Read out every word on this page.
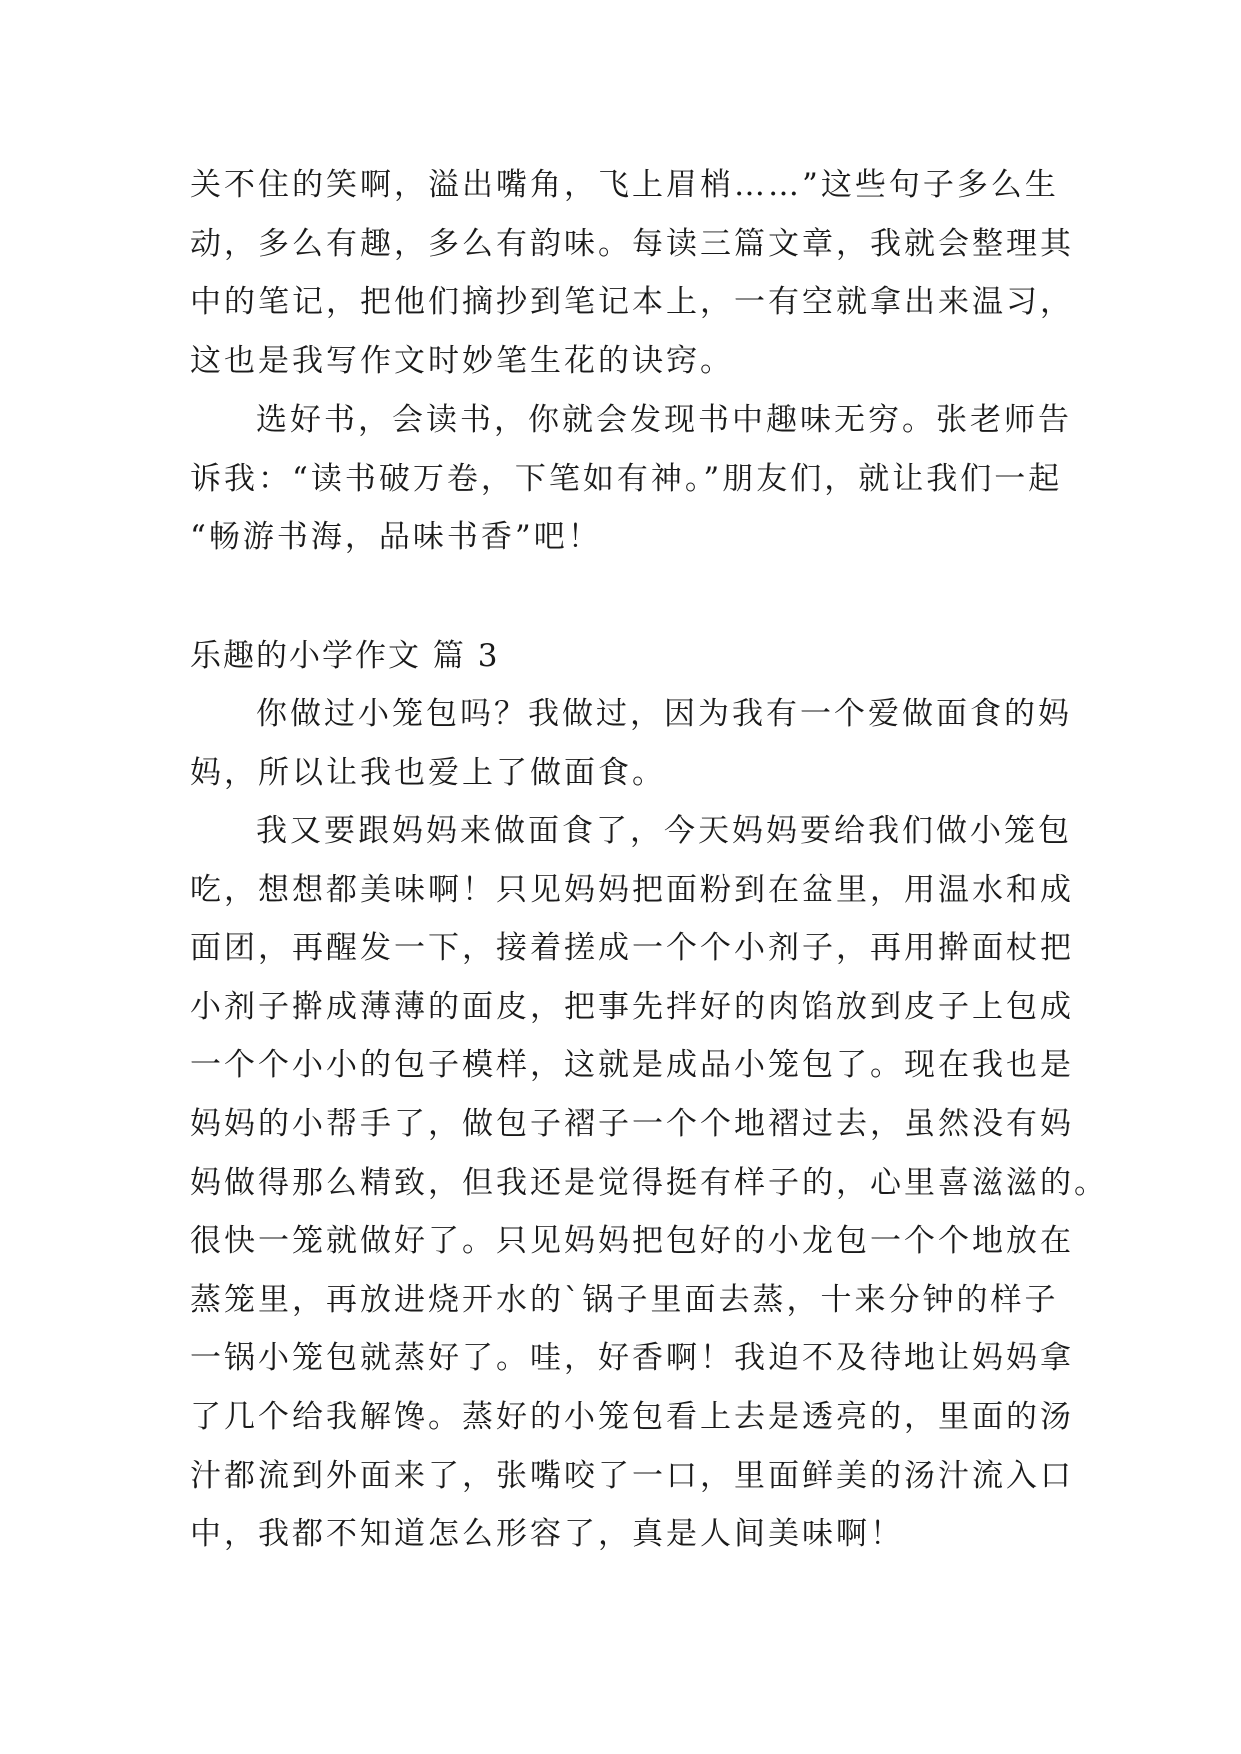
关不住的笑啊，溢出嘴角，飞上眉梢……”这些句子多么生
动，多么有趣，多么有韵味。每读三篇文章，我就会整理其
中的笔记，把他们摘抄到笔记本上，一有空就拿出来温习，
这也是我写作文时妙笔生花的诀窍。
选好书，会读书，你就会发现书中趣味无穷。张老师告
诉我：“读书破万卷，下笔如有神。”朋友们，就让我们一起
“畅游书海，品味书香”吧！
乐趣的小学作文 篇 3
你做过小笼包吗？我做过，因为我有一个爱做面食的妈
妈，所以让我也爱上了做面食。
我又要跟妈妈来做面食了，今天妈妈要给我们做小笼包
吃，想想都美味啊！只见妈妈把面粉到在盆里，用温水和成
面团，再醒发一下，接着搓成一个个小剂子，再用擀面杖把
小剂子擀成薄薄的面皮，把事先拌好的肉馅放到皮子上包成
一个个小小的包子模样，这就是成品小笼包了。现在我也是
妈妈的小帮手了，做包子褶子一个个地褶过去，虽然没有妈
妈做得那么精致，但我还是觉得挺有样子的，心里喜滋滋的。
很快一笼就做好了。只见妈妈把包好的小龙包一个个地放在
蒸笼里，再放进烧开水的`锅子里面去蒸，十来分钟的样子
一锅小笼包就蒸好了。哇，好香啊！我迫不及待地让妈妈拿
了几个给我解馋。蒸好的小笼包看上去是透亮的，里面的汤
汁都流到外面来了，张嘴咬了一口，里面鲜美的汤汁流入口
中，我都不知道怎么形容了，真是人间美味啊！
